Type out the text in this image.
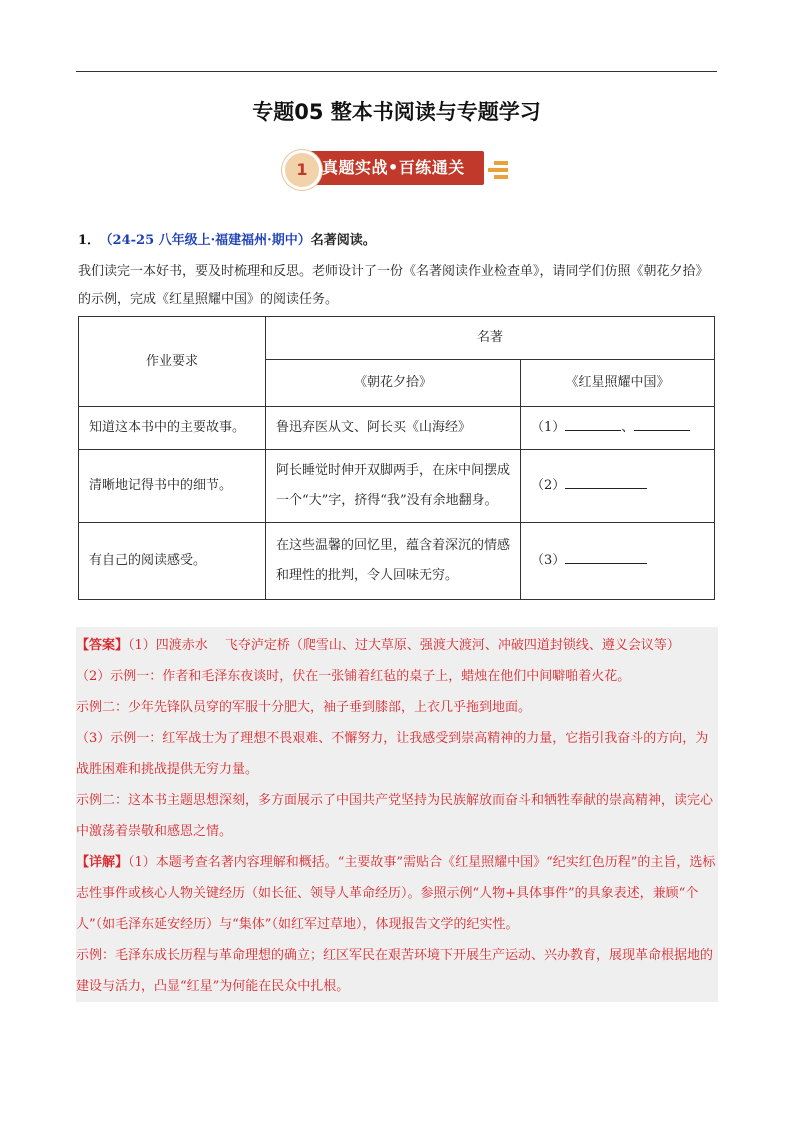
专题05 整本书阅读与专题学习
1 真题实战•百练通关
1． （24-25 八年级上·福建福州·期中）名著阅读。
我们读完一本好书，要及时梳理和反思。老师设计了一份《名著阅读作业检查单》，请同学们仿照《朝花夕拾》的示例，完成《红星照耀中国》的阅读任务。
作业要求	名著	
	《朝花夕拾》	《红星照耀中国》
知道这本书中的主要故事。	鲁迅弃医从文、阿长买《山海经》	（1） 、
清晰地记得书中的细节。	阿长睡觉时伸开双脚两手，在床中间摆成一个“大”字，挤得“我”没有余地翻身。	（2）
有自己的阅读感受。	在这些温馨的回忆里，蕴含着深沉的情感和理性的批判，令人回味无穷。	（3）

【答案】（1）四渡赤水　 飞夺泸定桥（爬雪山、过大草原、强渡大渡河、冲破四道封锁线、遵义会议等）

（2）示例一：作者和毛泽东夜谈时，伏在一张铺着红毡的桌子上，蜡烛在他们中间噼啪着火花。

示例二：少年先锋队员穿的军服十分肥大，袖子垂到膝部，上衣几乎拖到地面。

（3）示例一：红军战士为了理想不畏艰难、不懈努力，让我感受到崇高精神的力量，它指引我奋斗的方向，为战胜困难和挑战提供无穷力量。

示例二：这本书主题思想深刻，多方面展示了中国共产党坚持为民族解放而奋斗和牺牲奉献的崇高精神，读完心中激荡着崇敬和感恩之情。

【详解】（1）本题考查名著内容理解和概括。“主要故事”需贴合《红星照耀中国》“纪实红色历程”的主旨，选标志性事件或核心人物关键经历（如长征、领导人革命经历）。参照示例“人物+具体事件”的具象表述，兼顾“个人”（如毛泽东延安经历）与“集体”（如红军过草地），体现报告文学的纪实性。

示例：毛泽东成长历程与革命理想的确立；红区军民在艰苦环境下开展生产运动、兴办教育，展现革命根据地的建设与活力，凸显“红星”为何能在民众中扎根。
